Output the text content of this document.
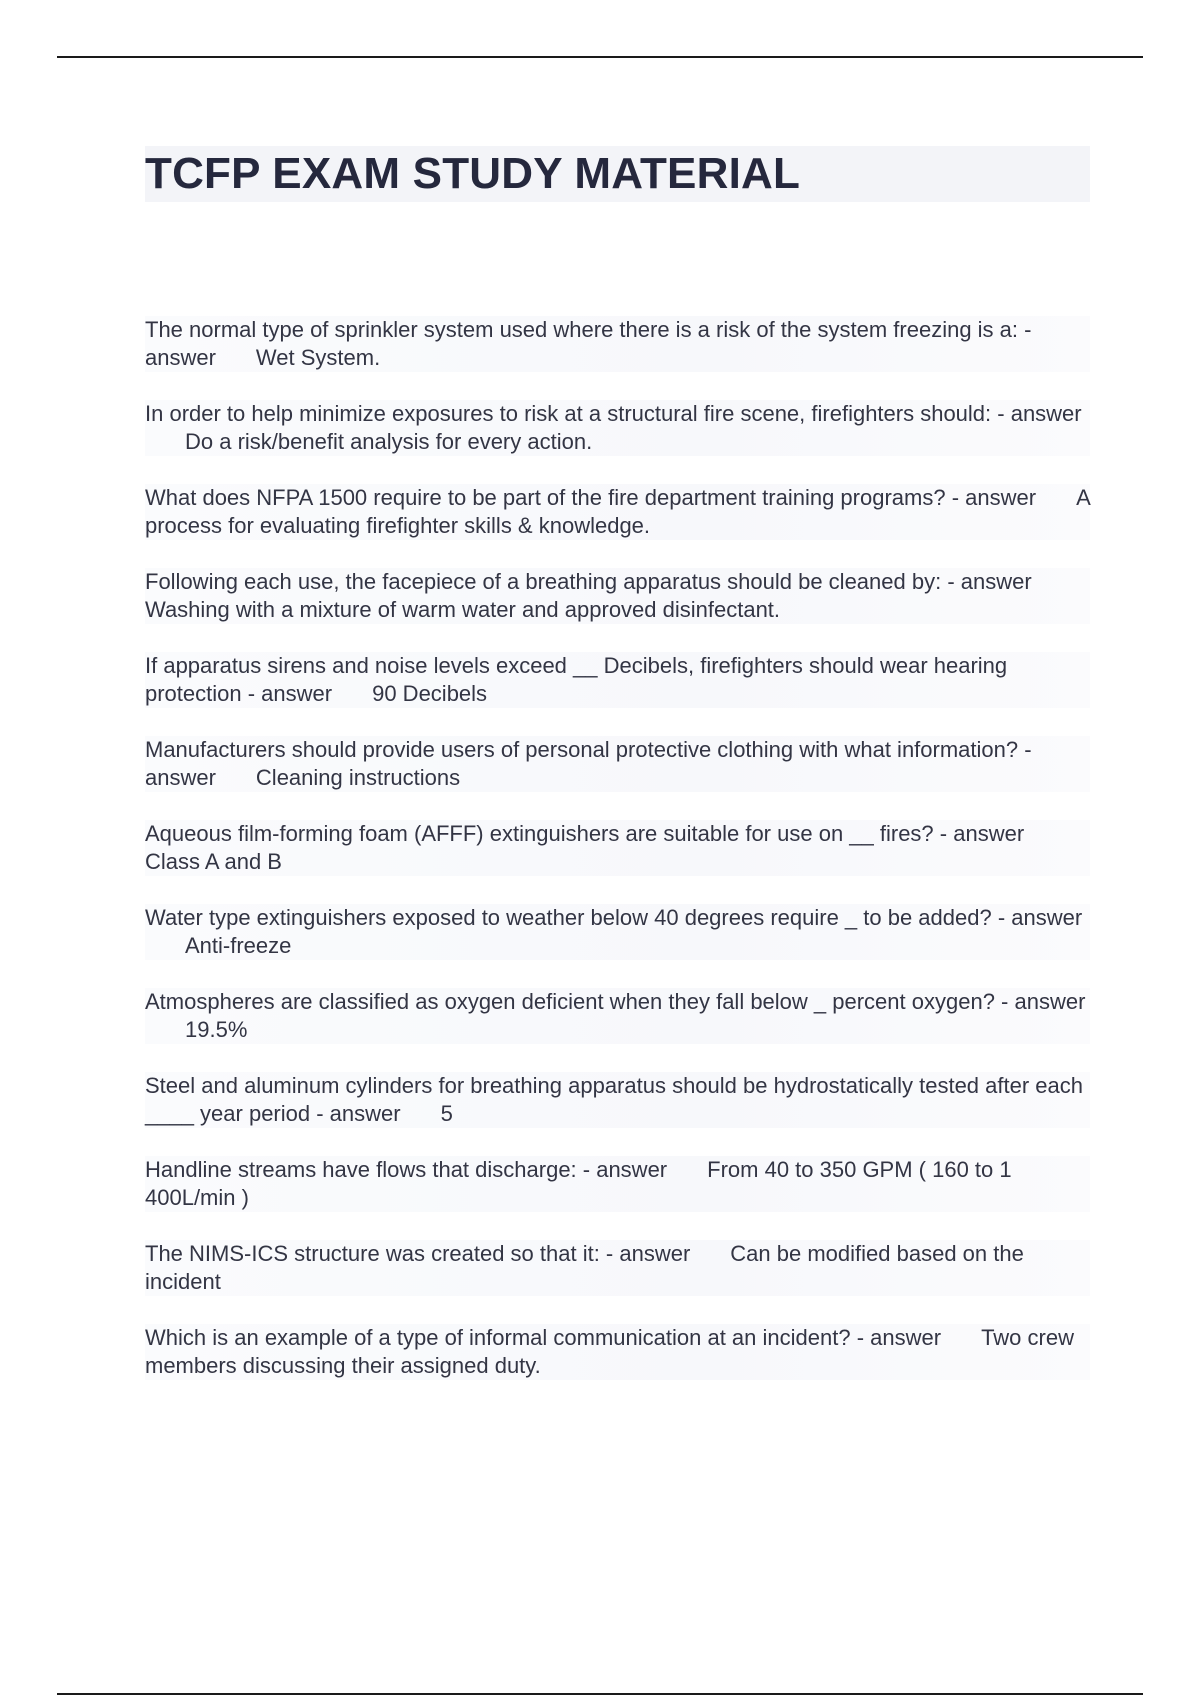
TCFP EXAM STUDY MATERIAL

The normal type of sprinkler system used where there is a risk of the system freezing is a: - answer Wet System.

In order to help minimize exposures to risk at a structural fire scene, firefighters should: - answerDo a risk/benefit analysis for every action.

What does NFPA 1500 require to be part of the fire department training programs? - answer A process for evaluating firefighter skills & knowledge.

Following each use, the facepiece of a breathing apparatus should be cleaned by: - answerWashing with a mixture of warm water and approved disinfectant.

If apparatus sirens and noise levels exceed __ Decibels, firefighters should wear hearing protection - answer 90 Decibels

Manufacturers should provide users of personal protective clothing with what information? - answer Cleaning instructions

Aqueous film-forming foam (AFFF) extinguishers are suitable for use on __ fires? - answerClass A and B

Water type extinguishers exposed to weather below 40 degrees require _ to be added? - answerAnti-freeze

Atmospheres are classified as oxygen deficient when they fall below _ percent oxygen? - answer19.5%

Steel and aluminum cylinders for breathing apparatus should be hydrostatically tested after each ____ year period - answer 5

Handline streams have flows that discharge: - answer From 40 to 350 GPM ( 160 to 1 400L/min )

The NIMS-ICS structure was created so that it: - answer Can be modified based on the incident

Which is an example of a type of informal communication at an incident? - answer Two crew members discussing their assigned duty.
